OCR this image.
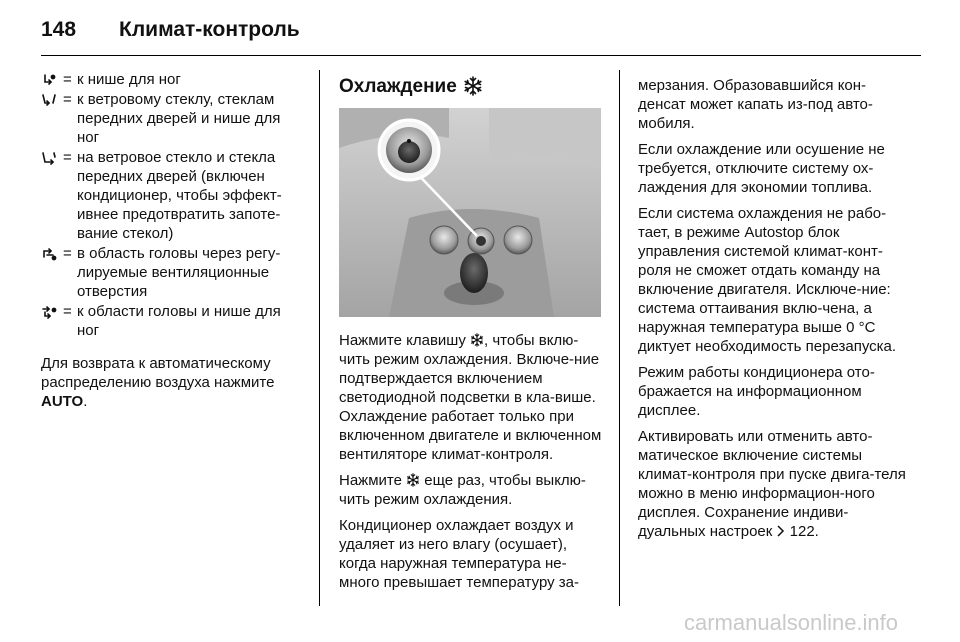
148 Климат-контроль
= к нише для ног
= к ветровому стеклу, стеклам передних дверей и нише для ног
= на ветровое стекло и стекла передних дверей (включен кондиционер, чтобы эффект-ивнее предотвратить запоте-вание стекол)
= в область головы через регу-лируемые вентиляционные отверстия
= к области головы и нише для ног

Для возврата к автоматическому распределению воздуха нажмите AUTO.

Охлаждение

Нажмите клавишу , чтобы вклю-чить режим охлаждения. Включе-ние подтверждается включением светодиодной подсветки в кла-више. Охлаждение работает только при включенном двигателе и включенном вентиляторе климат-контроля.

Нажмите еще раз, чтобы выклю-чить режим охлаждения.

Кондиционер охлаждает воздух и удаляет из него влагу (осушает), когда наружная температура не-много превышает температуру за-

мерзания. Образовавшийся кон-денсат может капать из-под авто-мобиля.

Если охлаждение или осушение не требуется, отключите систему ох-лаждения для экономии топлива.

Если система охлаждения не рабо-тает, в режиме Autostop блок управления системой климат-конт-роля не сможет отдать команду на включение двигателя. Исключе-ние: система оттаивания вклю-чена, а наружная температура выше 0 °C диктует необходимость перезапуска.

Режим работы кондиционера ото-бражается на информационном дисплее.

Активировать или отменить авто-матическое включение системы климат-контроля при пуске двига-теля можно в меню информацион-ного дисплея. Сохранение индиви-дуальных настроек 122.

carmanualsonline.info
